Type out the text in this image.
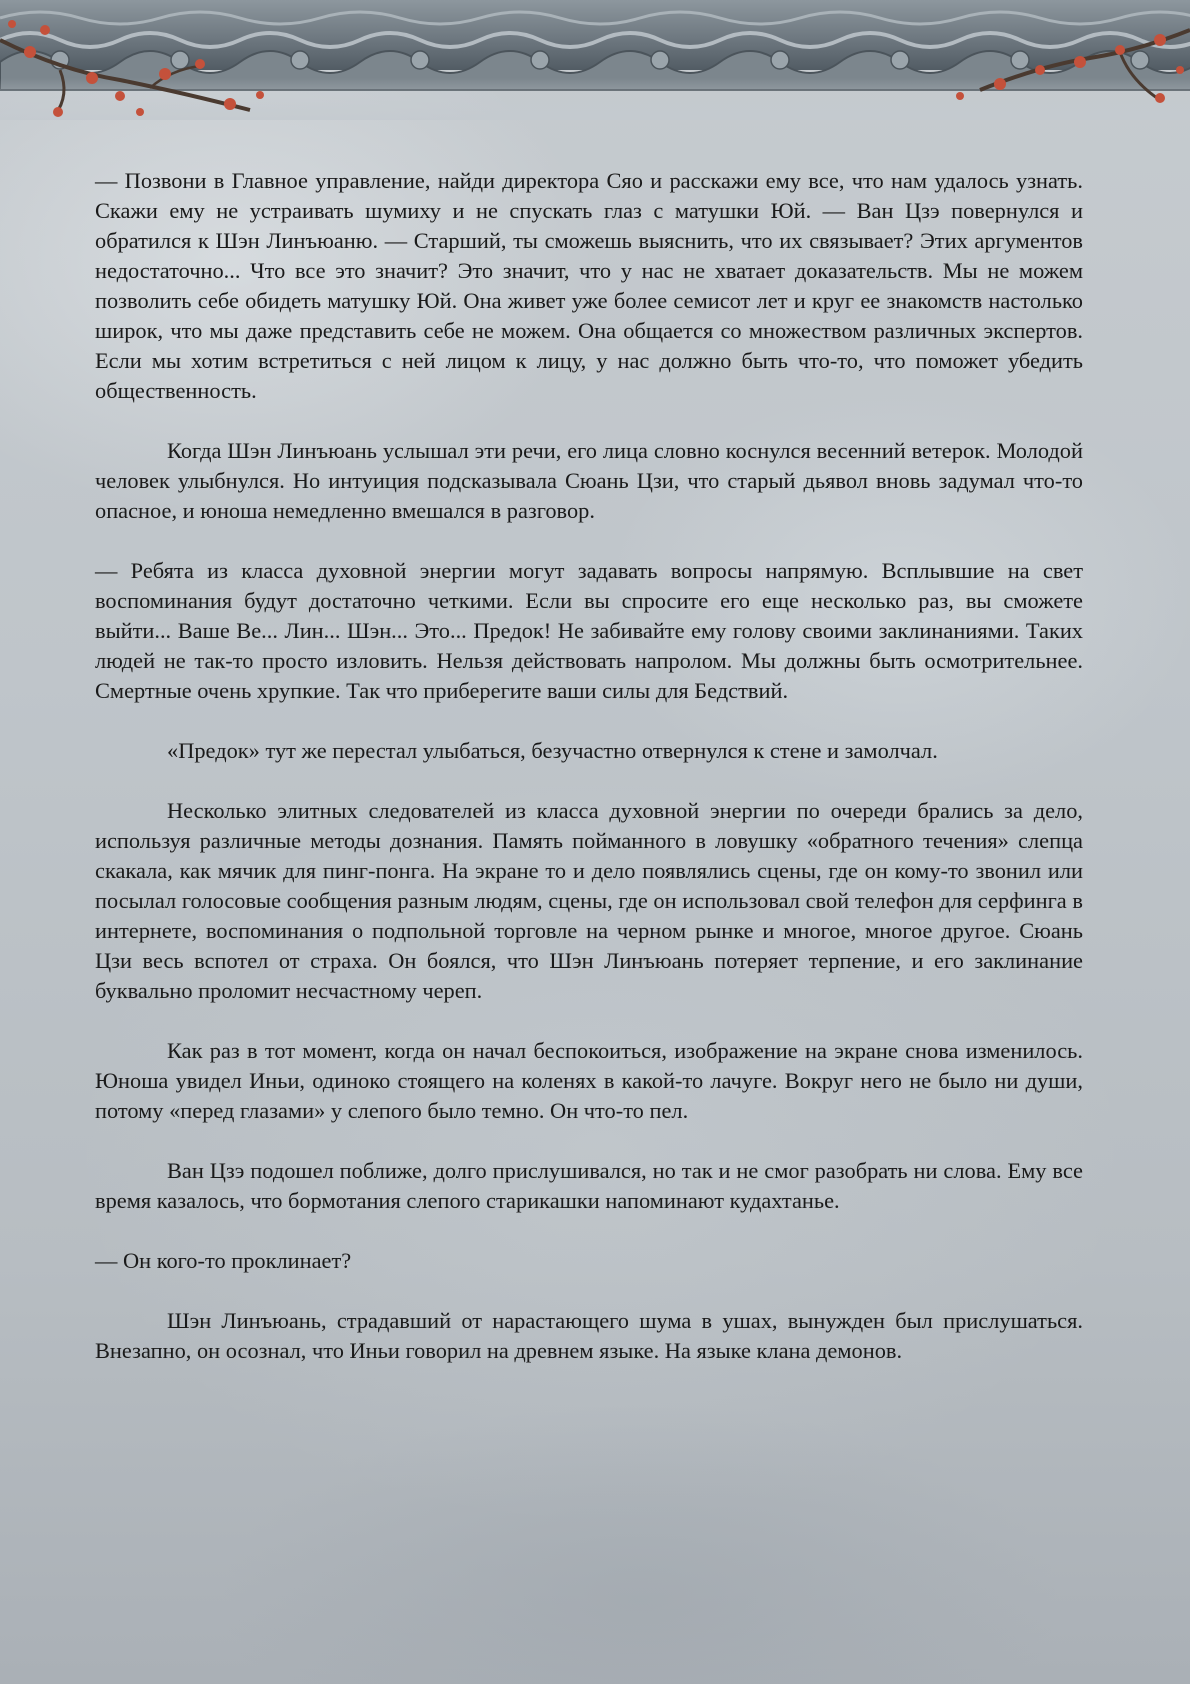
— Позвони в Главное управление, найди директора Сяо и расскажи ему все, что нам удалось узнать. Скажи ему не устраивать шумиху и не спускать глаз с матушки Юй. — Ван Цзэ повернулся и обратился к Шэн Линъюаню. — Старший, ты сможешь выяснить, что их связывает? Этих аргументов недостаточно... Что все это значит? Это значит, что у нас не хватает доказательств. Мы не можем позволить себе обидеть матушку Юй. Она живет уже более семисот лет и круг ее знакомств настолько широк, что мы даже представить себе не можем. Она общается со множеством различных экспертов. Если мы хотим встретиться с ней лицом к лицу, у нас должно быть что-то, что поможет убедить общественность.

Когда Шэн Линъюань услышал эти речи, его лица словно коснулся весенний ветерок. Молодой человек улыбнулся. Но интуиция подсказывала Сюань Цзи, что старый дьявол вновь задумал что-то опасное, и юноша немедленно вмешался в разговор.

— Ребята из класса духовной энергии могут задавать вопросы напрямую. Всплывшие на свет воспоминания будут достаточно четкими. Если вы спросите его еще несколько раз, вы сможете выйти... Ваше Ве... Лин... Шэн... Это... Предок! Не забивайте ему голову своими заклинаниями. Таких людей не так-то просто изловить. Нельзя действовать напролом. Мы должны быть осмотрительнее. Смертные очень хрупкие. Так что приберегите ваши силы для Бедствий.

«Предок» тут же перестал улыбаться, безучастно отвернулся к стене и замолчал.

Несколько элитных следователей из класса духовной энергии по очереди брались за дело, используя различные методы дознания. Память пойманного в ловушку «обратного течения» слепца скакала, как мячик для пинг-понга. На экране то и дело появлялись сцены, где он кому-то звонил или посылал голосовые сообщения разным людям, сцены, где он использовал свой телефон для серфинга в интернете, воспоминания о подпольной торговле на черном рынке и многое, многое другое. Сюань Цзи весь вспотел от страха. Он боялся, что Шэн Линъюань потеряет терпение, и его заклинание буквально проломит несчастному череп.

Как раз в тот момент, когда он начал беспокоиться, изображение на экране снова изменилось. Юноша увидел Иньи, одиноко стоящего на коленях в какой-то лачуге. Вокруг него не было ни души, потому «перед глазами» у слепого было темно. Он что-то пел.

Ван Цзэ подошел поближе, долго прислушивался, но так и не смог разобрать ни слова. Ему все время казалось, что бормотания слепого старикашки напоминают кудахтанье.

— Он кого-то проклинает?

Шэн Линъюань, страдавший от нарастающего шума в ушах, вынужден был прислушаться. Внезапно, он осознал, что Иньи говорил на древнем языке. На языке клана демонов.
